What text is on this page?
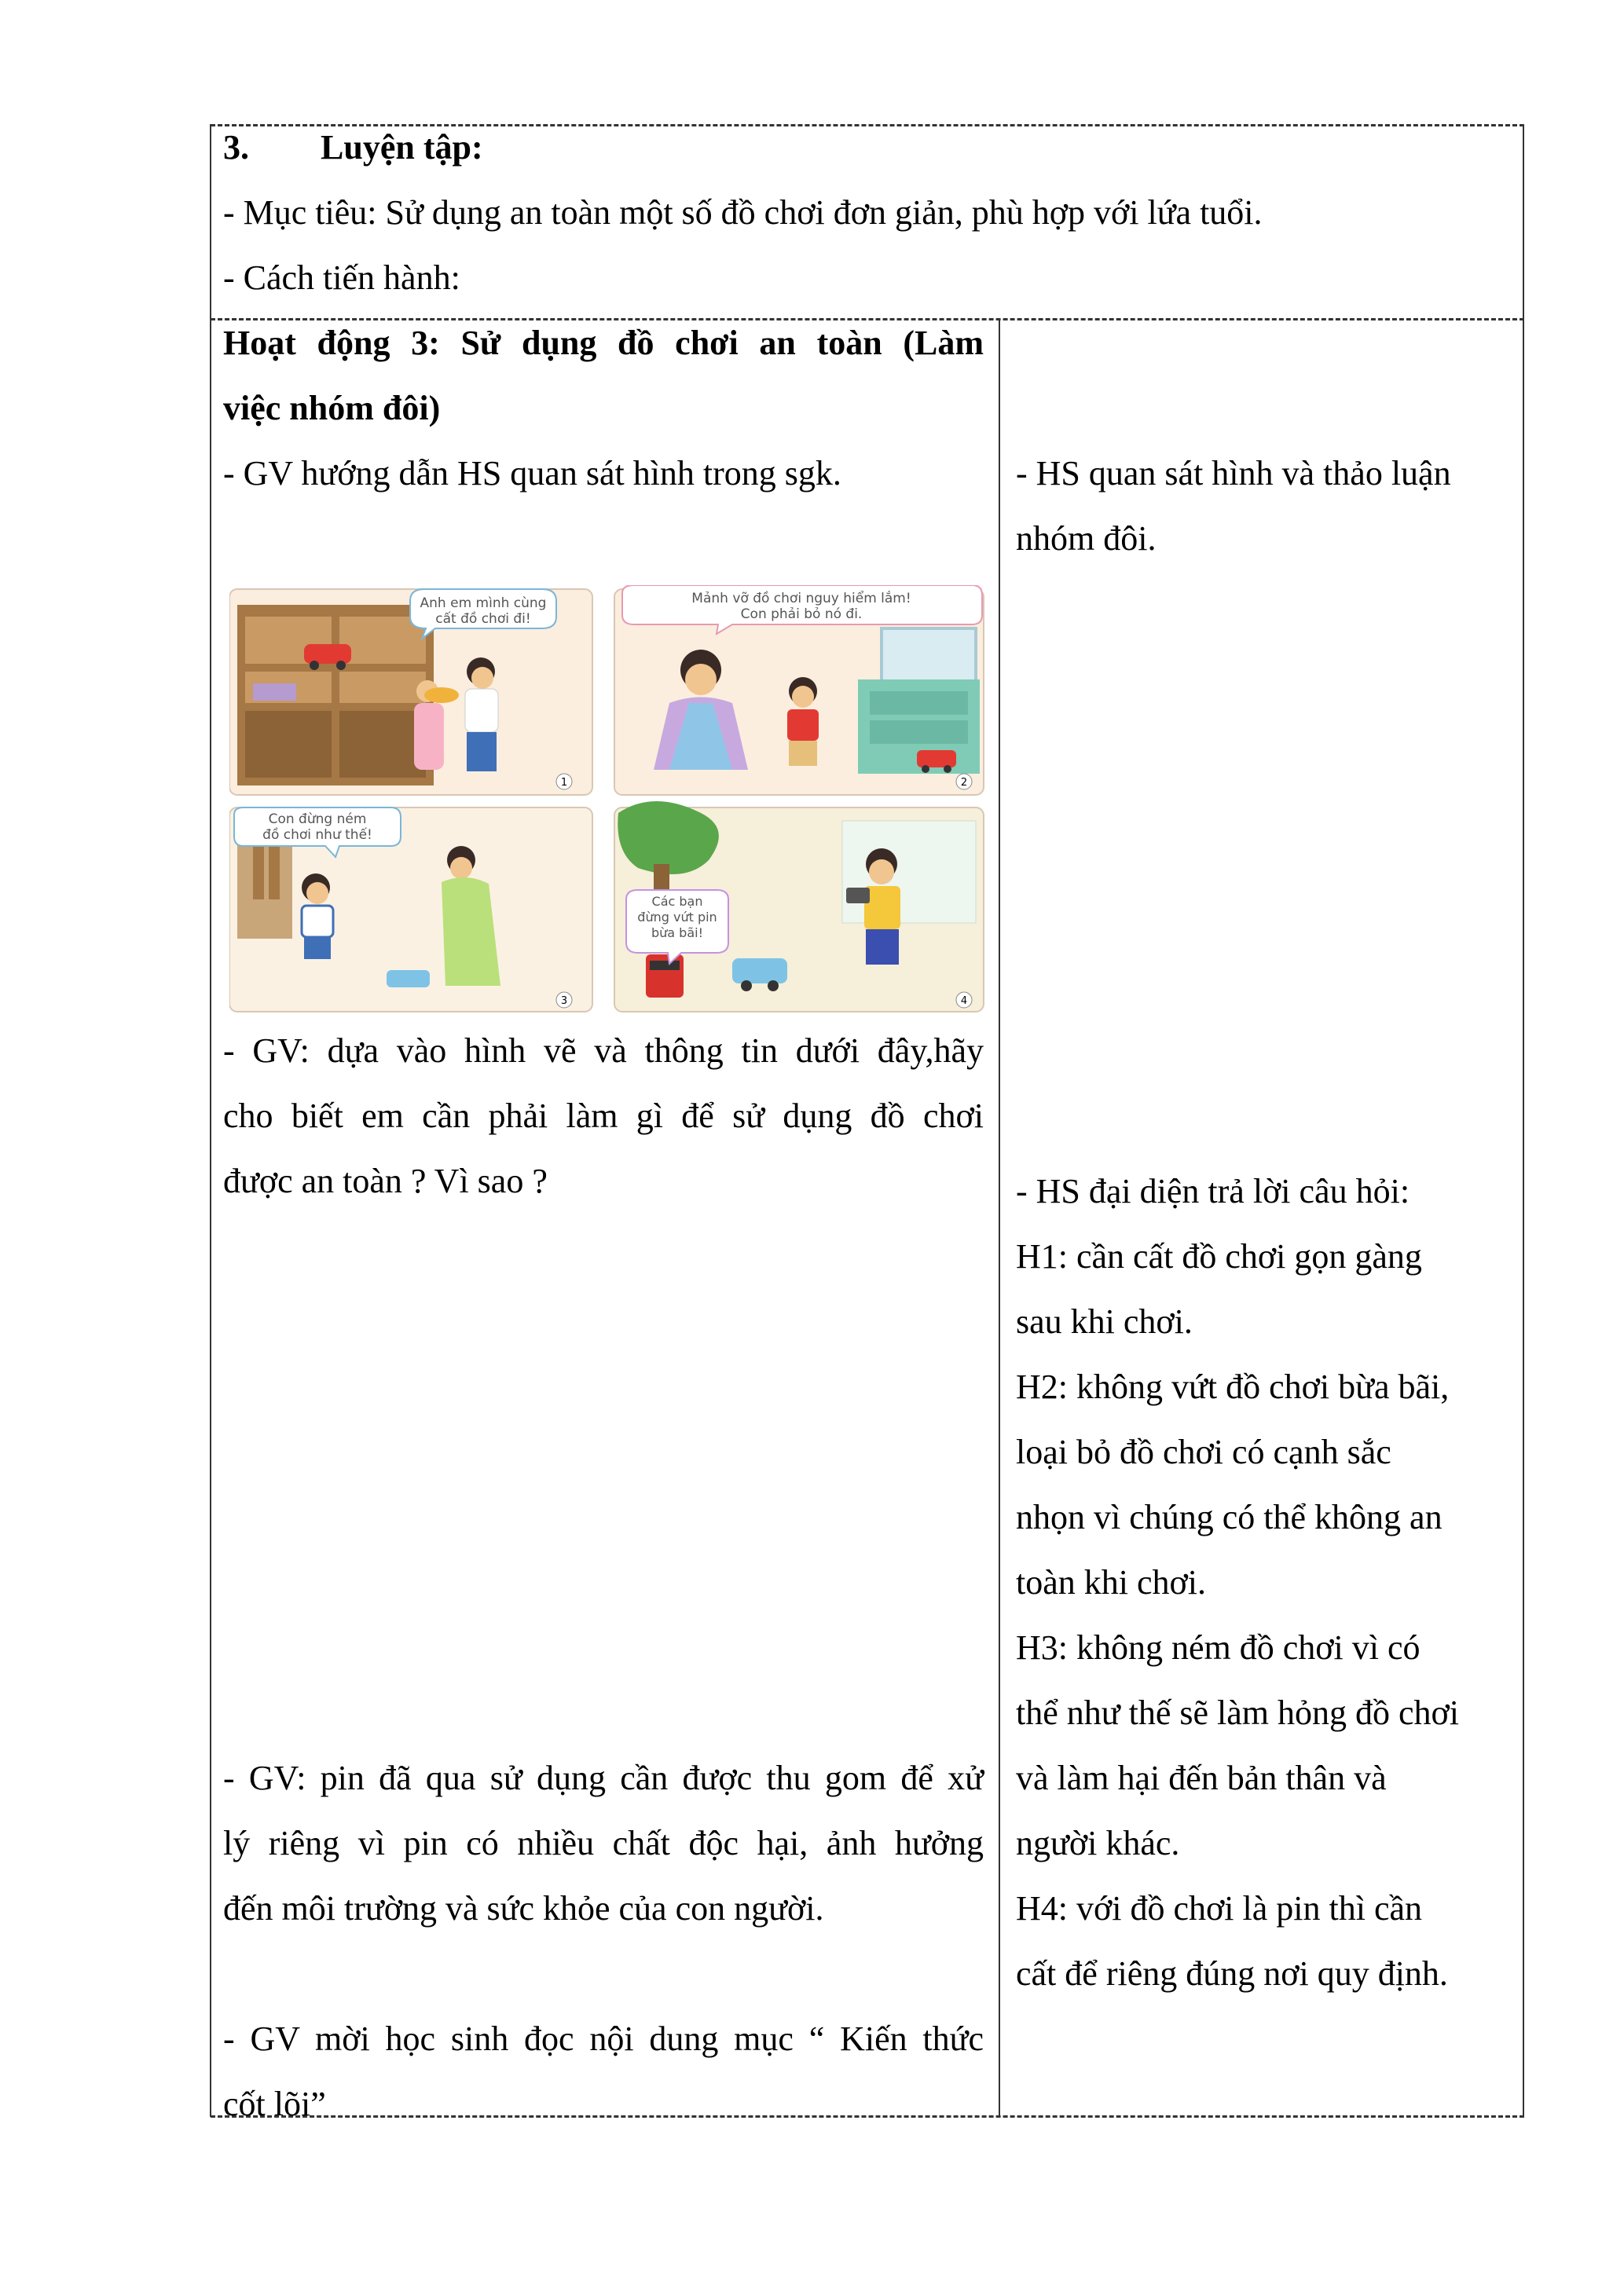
3. Luyện tập:
- Mục tiêu: Sử dụng an toàn một số đồ chơi đơn giản, phù hợp với lứa tuổi.
- Cách tiến hành:
Hoạt động 3: Sử dụng đồ chơi an toàn (Làm
việc nhóm đôi)
- GV hướng dẫn HS quan sát hình trong sgk.
Anh em mình cùng
cất đồ chơi đi!
1
Mảnh vỡ đồ chơi nguy hiểm lắm!
Con phải bỏ nó đi.
2
Con đừng ném
đồ chơi như thế!
3
Các bạn
đừng vứt pin
bừa bãi!
4
- GV: dựa vào hình vẽ và thông tin dưới đây,hãy
cho biết em cần phải làm gì để sử dụng đồ chơi
được an toàn ? Vì sao ?
- GV: pin đã qua sử dụng cần được thu gom để xử
lý riêng vì pin có nhiều chất độc hại, ảnh hưởng
đến môi trường và sức khỏe của con người.
- GV mời học sinh đọc nội dung mục “ Kiến thức
cốt lõi”
- HS quan sát hình và thảo luận
nhóm đôi.
- HS đại diện trả lời câu hỏi:
H1: cần cất đồ chơi gọn gàng
sau khi chơi.
H2: không vứt đồ chơi bừa bãi,
loại bỏ đồ chơi có cạnh sắc
nhọn vì chúng có thể không an
toàn khi chơi.
H3: không ném đồ chơi vì có
thể như thế sẽ làm hỏng đồ chơi
và làm hại đến bản thân và
người khác.
H4: với đồ chơi là pin thì cần
cất để riêng đúng nơi quy định.
